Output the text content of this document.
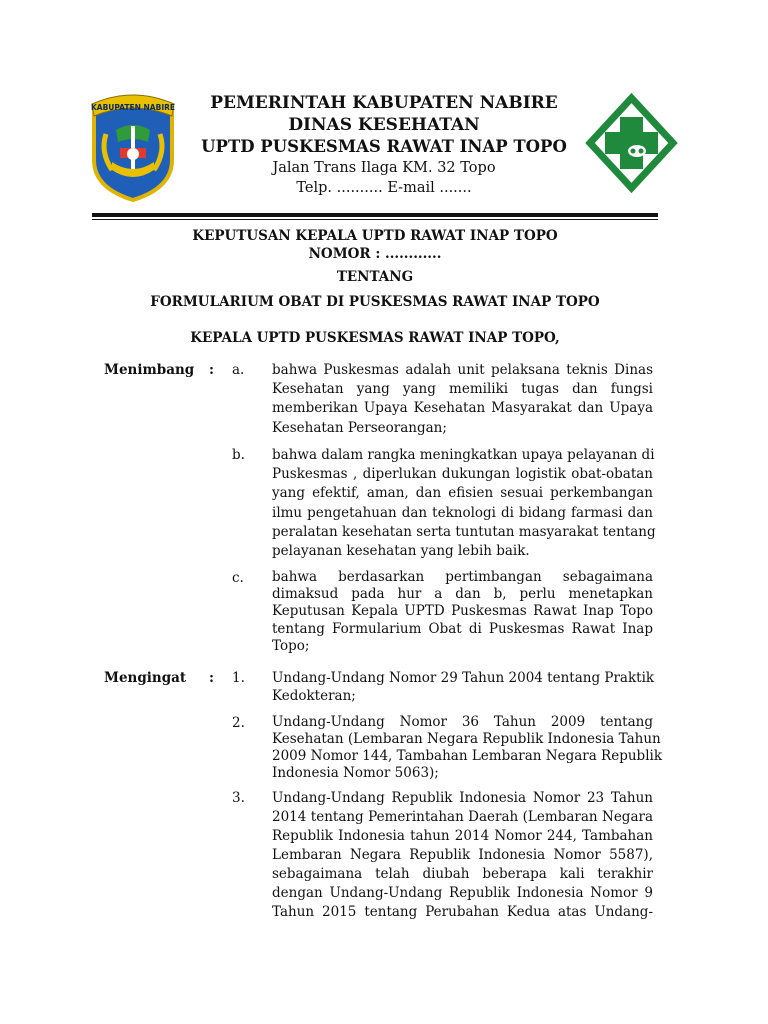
KABUPATEN NABIRE	PEMERINTAH KABUPATEN NABIRE
DINAS KESEHATAN
UPTD PUSKESMAS RAWAT INAP TOPO
Jalan Trans Ilaga KM. 32 Topo
Telp. .......... E-mail .......
KEPUTUSAN KEPALA UPTD RAWAT INAP TOPO
NOMOR : ............
TENTANG
FORMULARIUM OBAT DI PUSKESMAS RAWAT INAP TOPO
KEPALA UPTD PUSKESMAS RAWAT INAP TOPO,
Menimbang : a. bahwa Puskesmas adalah unit pelaksana teknis Dinas
Kesehatan yang yang memiliki tugas dan fungsi
memberikan Upaya Kesehatan Masyarakat dan Upaya
Kesehatan Perseorangan;
b. bahwa dalam rangka meningkatkan upaya pelayanan di
Puskesmas , diperlukan dukungan logistik obat-obatan
yang efektif, aman, dan efisien sesuai perkembangan
ilmu pengetahuan dan teknologi di bidang farmasi dan
peralatan kesehatan serta tuntutan masyarakat tentang
pelayanan kesehatan yang lebih baik.
c. bahwa berdasarkan pertimbangan sebagaimana
dimaksud pada hur a dan b, perlu menetapkan
Keputusan Kepala UPTD Puskesmas Rawat Inap Topo
tentang Formularium Obat di Puskesmas Rawat Inap
Topo;
Mengingat : 1. Undang-Undang Nomor 29 Tahun 2004 tentang Praktik
Kedokteran;
2. Undang-Undang Nomor 36 Tahun 2009 tentang
Kesehatan (Lembaran Negara Republik Indonesia Tahun
2009 Nomor 144, Tambahan Lembaran Negara Republik
Indonesia Nomor 5063);
3. Undang-Undang Republik Indonesia Nomor 23 Tahun
2014 tentang Pemerintahan Daerah (Lembaran Negara
Republik Indonesia tahun 2014 Nomor 244, Tambahan
Lembaran Negara Republik Indonesia Nomor 5587),
sebagaimana telah diubah beberapa kali terakhir
dengan Undang-Undang Republik Indonesia Nomor 9
Tahun 2015 tentang Perubahan Kedua atas Undang-
